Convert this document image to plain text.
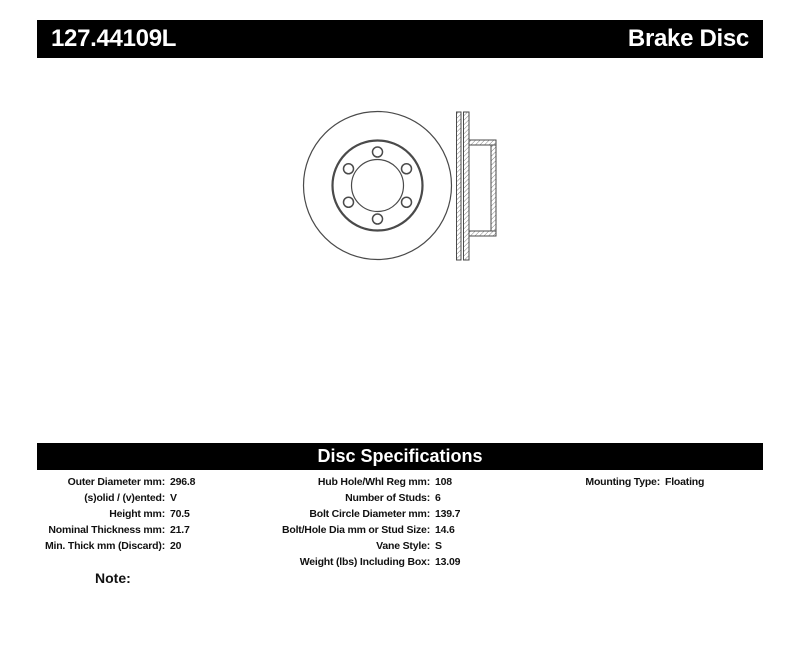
127.44109L	Brake Disc
Disc Specifications
Outer Diameter mm: 296.8
(s)olid / (v)ented: V
Height mm: 70.5
Nominal Thickness mm: 21.7
Min. Thick mm (Discard): 20
Hub Hole/Whl Reg mm: 108
Number of Studs: 6
Bolt Circle Diameter mm: 139.7
Bolt/Hole Dia mm or Stud Size: 14.6
Vane Style: S
Weight (lbs) Including Box: 13.09
Mounting Type: Floating
Note:
